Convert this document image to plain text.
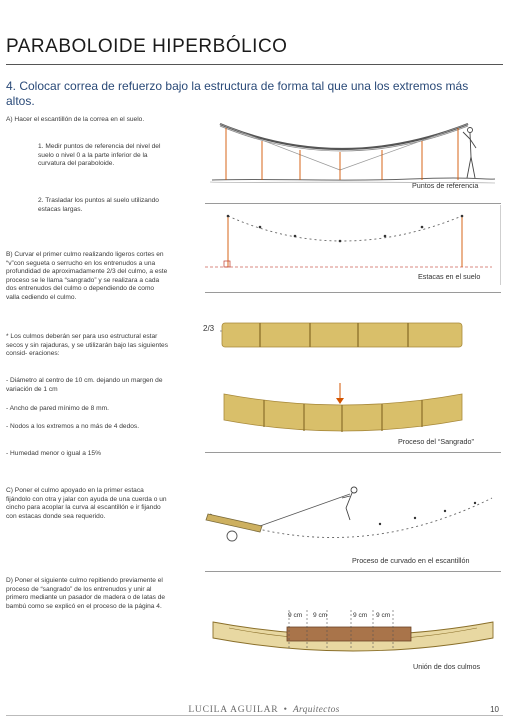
PARABOLOIDE HIPERBÓLICO
4. Colocar correa de refuerzo bajo la estructura de forma tal que una los extremos más altos.
A) Hacer el escantillón de la correa en el suelo.
1. Medir puntos de referencia del nivel del suelo o nivel 0 a la parte inferior de la curvatura del paraboloide.
2. Trasladar los puntos al suelo utilizando estacas largas.
B) Curvar el primer culmo realizando ligeros cortes en “v”con segueta o serrucho en los entrenudos a una profundidad de aproximadamente 2/3 del culmo, a este proceso se le llama “sangrado” y se realizara a cada dos entrenudos del culmo o dependiendo de como valla cediendo el culmo.
* Los culmos deberán ser para uso estructural estar secos y sin rajaduras, y se utilizarán bajo las siguientes consid- eraciones:
- Diámetro al centro de 10 cm. dejando un margen de variación de 1 cm
- Ancho de pared mínimo de 8 mm.
- Nodos a los extremos a no más de 4 dedos.
- Humedad menor o igual a 15%
C) Poner el culmo apoyado en la primer estaca fijándolo con otra y jalar con ayuda de una cuerda o un cincho para acoplar la curva al escantillón e ir fijando con estacas donde sea requerido.
D) Poner el siguiente culmo repitiendo previamente el proceso de “sangrado” de los entrenudos y unir al primero mediante un pasador de madera o de latas de bambú como se explicó en el proceso de la página 4.
Puntos de referencia
Estacas en el suelo
2/3
Proceso del “Sangrado”
Proceso de curvado en el escantillón
9 cm 9 cm	9 cm 9 cm
Unión de dos culmos
LUCILA AGUILAR • Arquitectos	10
